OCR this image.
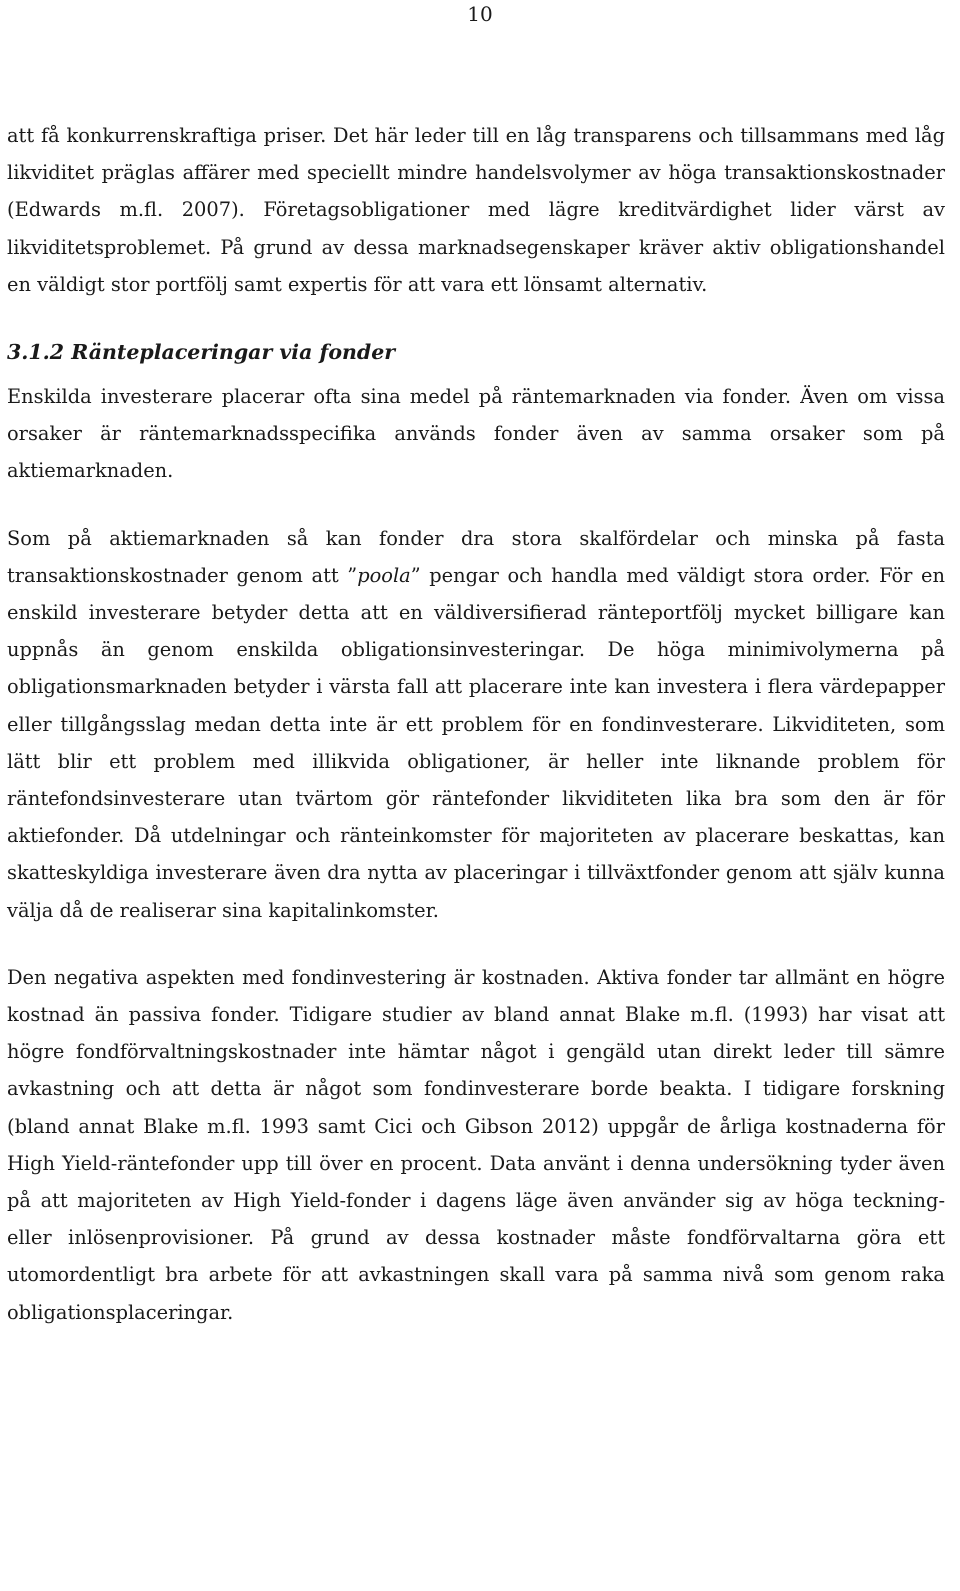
10

att få konkurrenskraftiga priser. Det här leder till en låg transparens och tillsammans med låg likviditet präglas affärer med speciellt mindre handelsvolymer av höga transaktionskostnader (Edwards m.fl. 2007). Företagsobligationer med lägre kreditvärdighet lider värst av likviditetsproblemet. På grund av dessa marknadsegenskaper kräver aktiv obligationshandel en väldigt stor portfölj samt expertis för att vara ett lönsamt alternativ.

3.1.2 Ränteplaceringar via fonder

Enskilda investerare placerar ofta sina medel på räntemarknaden via fonder. Även om vissa orsaker är räntemarknadsspecifika används fonder även av samma orsaker som på aktiemarknaden.

Som på aktiemarknaden så kan fonder dra stora skalfördelar och minska på fasta transaktionskostnader genom att ”poola” pengar och handla med väldigt stora order. För en enskild investerare betyder detta att en väldiversifierad ränteportfölj mycket billigare kan uppnås än genom enskilda obligationsinvesteringar. De höga minimivolymerna på obligationsmarknaden betyder i värsta fall att placerare inte kan investera i flera värdepapper eller tillgångsslag medan detta inte är ett problem för en fondinvesterare. Likviditeten, som lätt blir ett problem med illikvida obligationer, är heller inte liknande problem för räntefondsinvesterare utan tvärtom gör räntefonder likviditeten lika bra som den är för aktiefonder. Då utdelningar och ränteinkomster för majoriteten av placerare beskattas, kan skatteskyldiga investerare även dra nytta av placeringar i tillväxtfonder genom att själv kunna välja då de realiserar sina kapitalinkomster.

Den negativa aspekten med fondinvestering är kostnaden. Aktiva fonder tar allmänt en högre kostnad än passiva fonder. Tidigare studier av bland annat Blake m.fl. (1993) har visat att högre fondförvaltningskostnader inte hämtar något i gengäld utan direkt leder till sämre avkastning och att detta är något som fondinvesterare borde beakta. I tidigare forskning (bland annat Blake m.fl. 1993 samt Cici och Gibson 2012) uppgår de årliga kostnaderna för High Yield-räntefonder upp till över en procent. Data använt i denna undersökning tyder även på att majoriteten av High Yield-fonder i dagens läge även använder sig av höga teckning- eller inlösenprovisioner. På grund av dessa kostnader måste fondförvaltarna göra ett utomordentligt bra arbete för att avkastningen skall vara på samma nivå som genom raka obligationsplaceringar.
